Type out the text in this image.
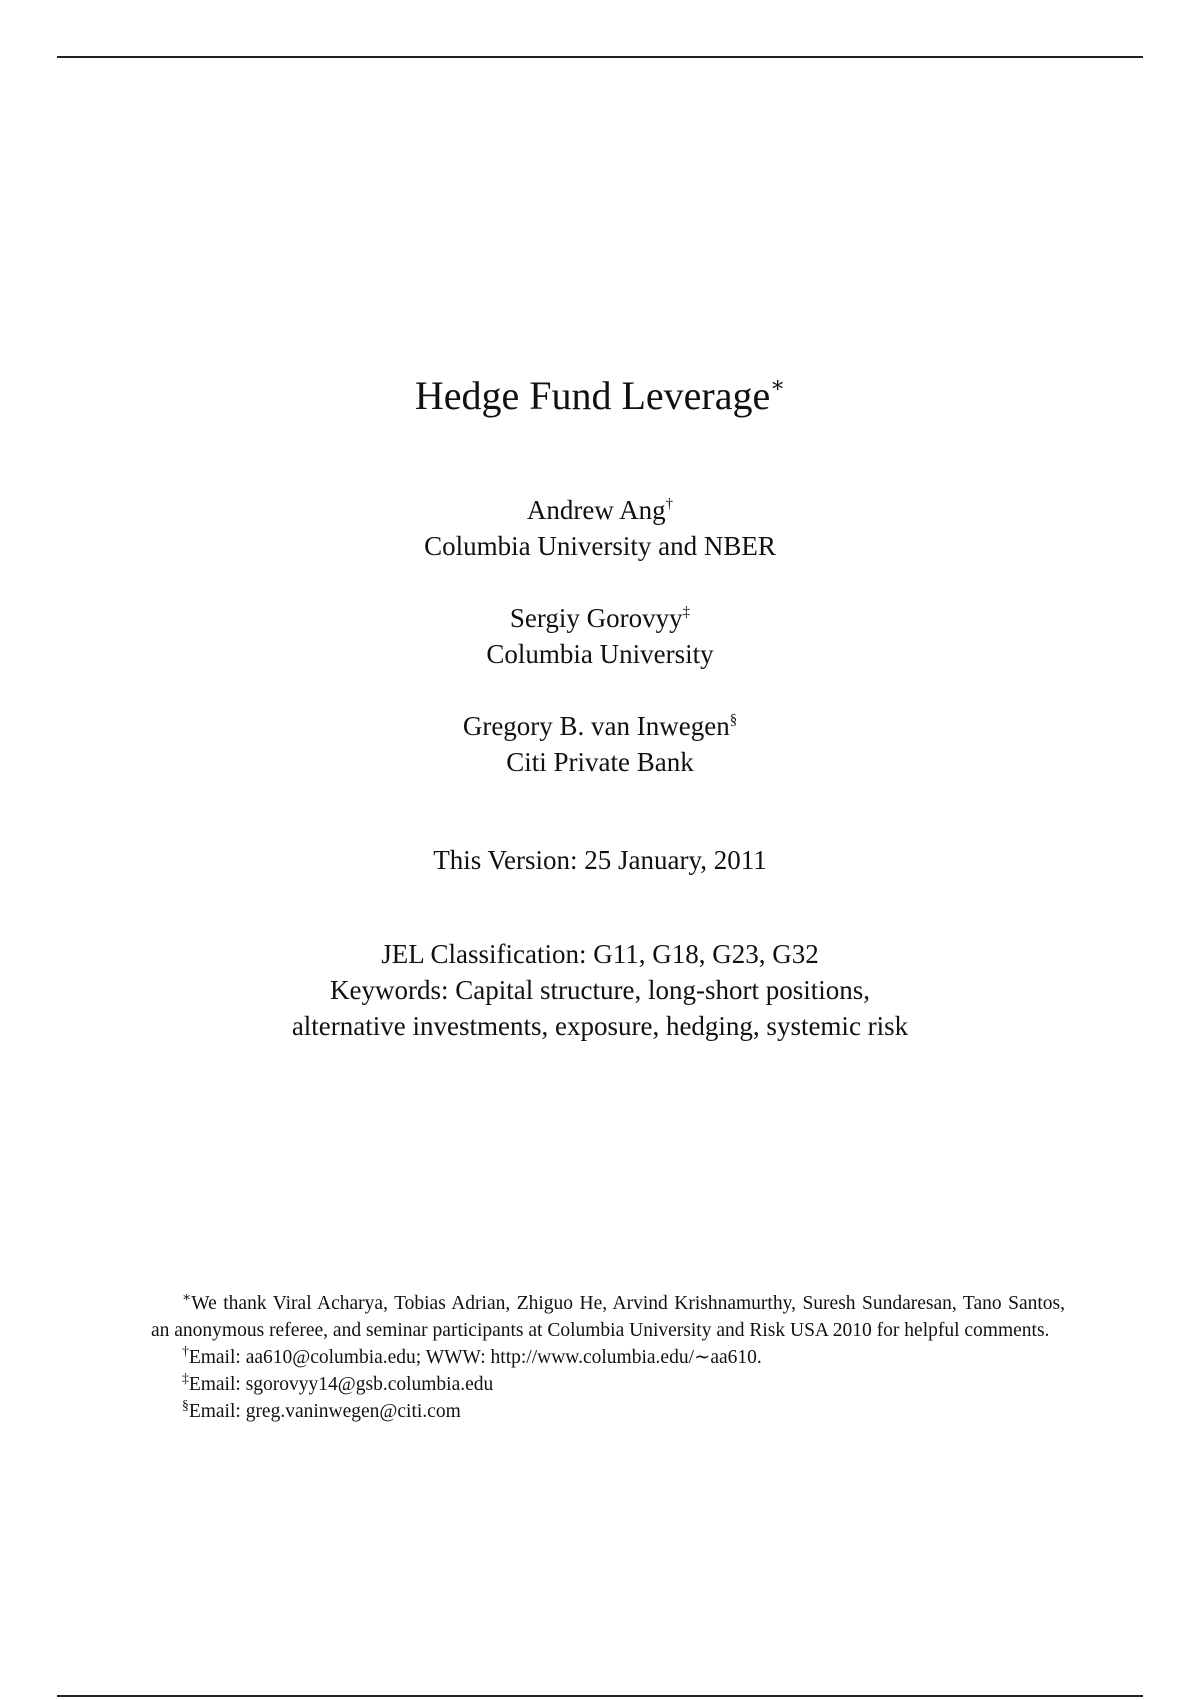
Hedge Fund Leverage∗
Andrew Ang†
Columbia University and NBER
Sergiy Gorovyy‡
Columbia University
Gregory B. van Inwegen§
Citi Private Bank
This Version: 25 January, 2011
JEL Classification: G11, G18, G23, G32
Keywords: Capital structure, long-short positions,
alternative investments, exposure, hedging, systemic risk

∗We thank Viral Acharya, Tobias Adrian, Zhiguo He, Arvind Krishnamurthy, Suresh Sundaresan, Tano Santos, an anonymous referee, and seminar participants at Columbia University and Risk USA 2010 for helpful comments.

†Email: aa610@columbia.edu; WWW: http://www.columbia.edu/∼aa610.

‡Email: sgorovyy14@gsb.columbia.edu

§Email: greg.vaninwegen@citi.com
